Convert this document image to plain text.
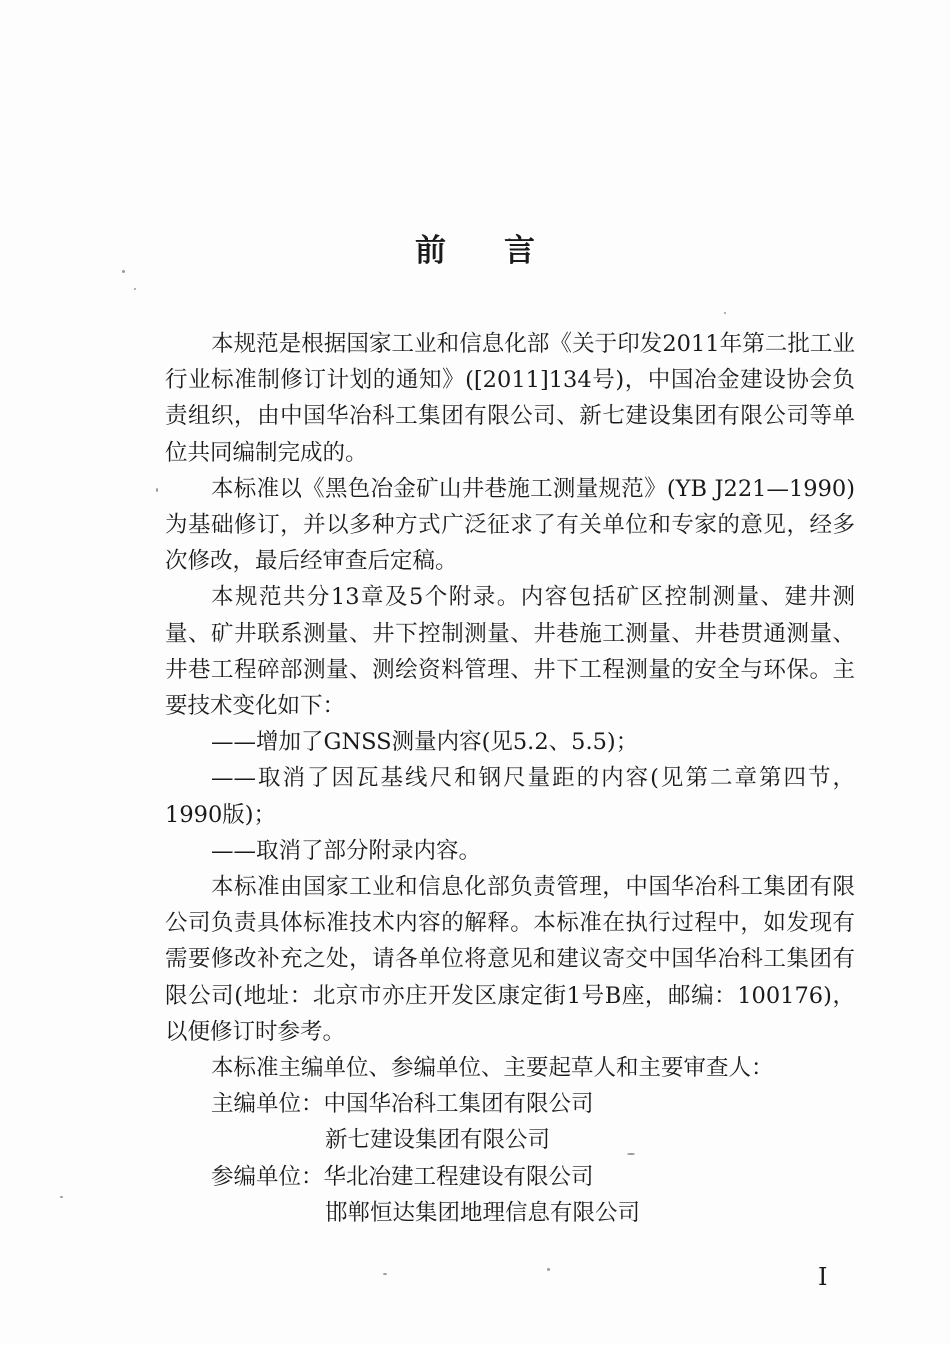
前言

本规范是根据国家工业和信息化部《关于印发2011年第二批工业行业标准制修订计划的通知》([2011]134号)，中国冶金建设协会负责组织，由中国华冶科工集团有限公司、新七建设集团有限公司等单位共同编制完成的。

本标准以《黑色冶金矿山井巷施工测量规范》(YB J221—1990)为基础修订，并以多种方式广泛征求了有关单位和专家的意见，经多次修改，最后经审查后定稿。

本规范共分13章及5个附录。内容包括矿区控制测量、建井测量、矿井联系测量、井下控制测量、井巷施工测量、井巷贯通测量、井巷工程碎部测量、测绘资料管理、井下工程测量的安全与环保。主要技术变化如下：

——增加了GNSS测量内容(见5.2、5.5)；

——取消了因瓦基线尺和钢尺量距的内容(见第二章第四节，1990版)；

——取消了部分附录内容。

本标准由国家工业和信息化部负责管理，中国华冶科工集团有限公司负责具体标准技术内容的解释。本标准在执行过程中，如发现有需要修改补充之处，请各单位将意见和建议寄交中国华冶科工集团有限公司(地址：北京市亦庄开发区康定街1号B座，邮编：100176)，以便修订时参考。

本标准主编单位、参编单位、主要起草人和主要审查人：

主编单位：中国华冶科工集团有限公司
新七建设集团有限公司
参编单位：华北冶建工程建设有限公司
邯郸恒达集团地理信息有限公司
I
